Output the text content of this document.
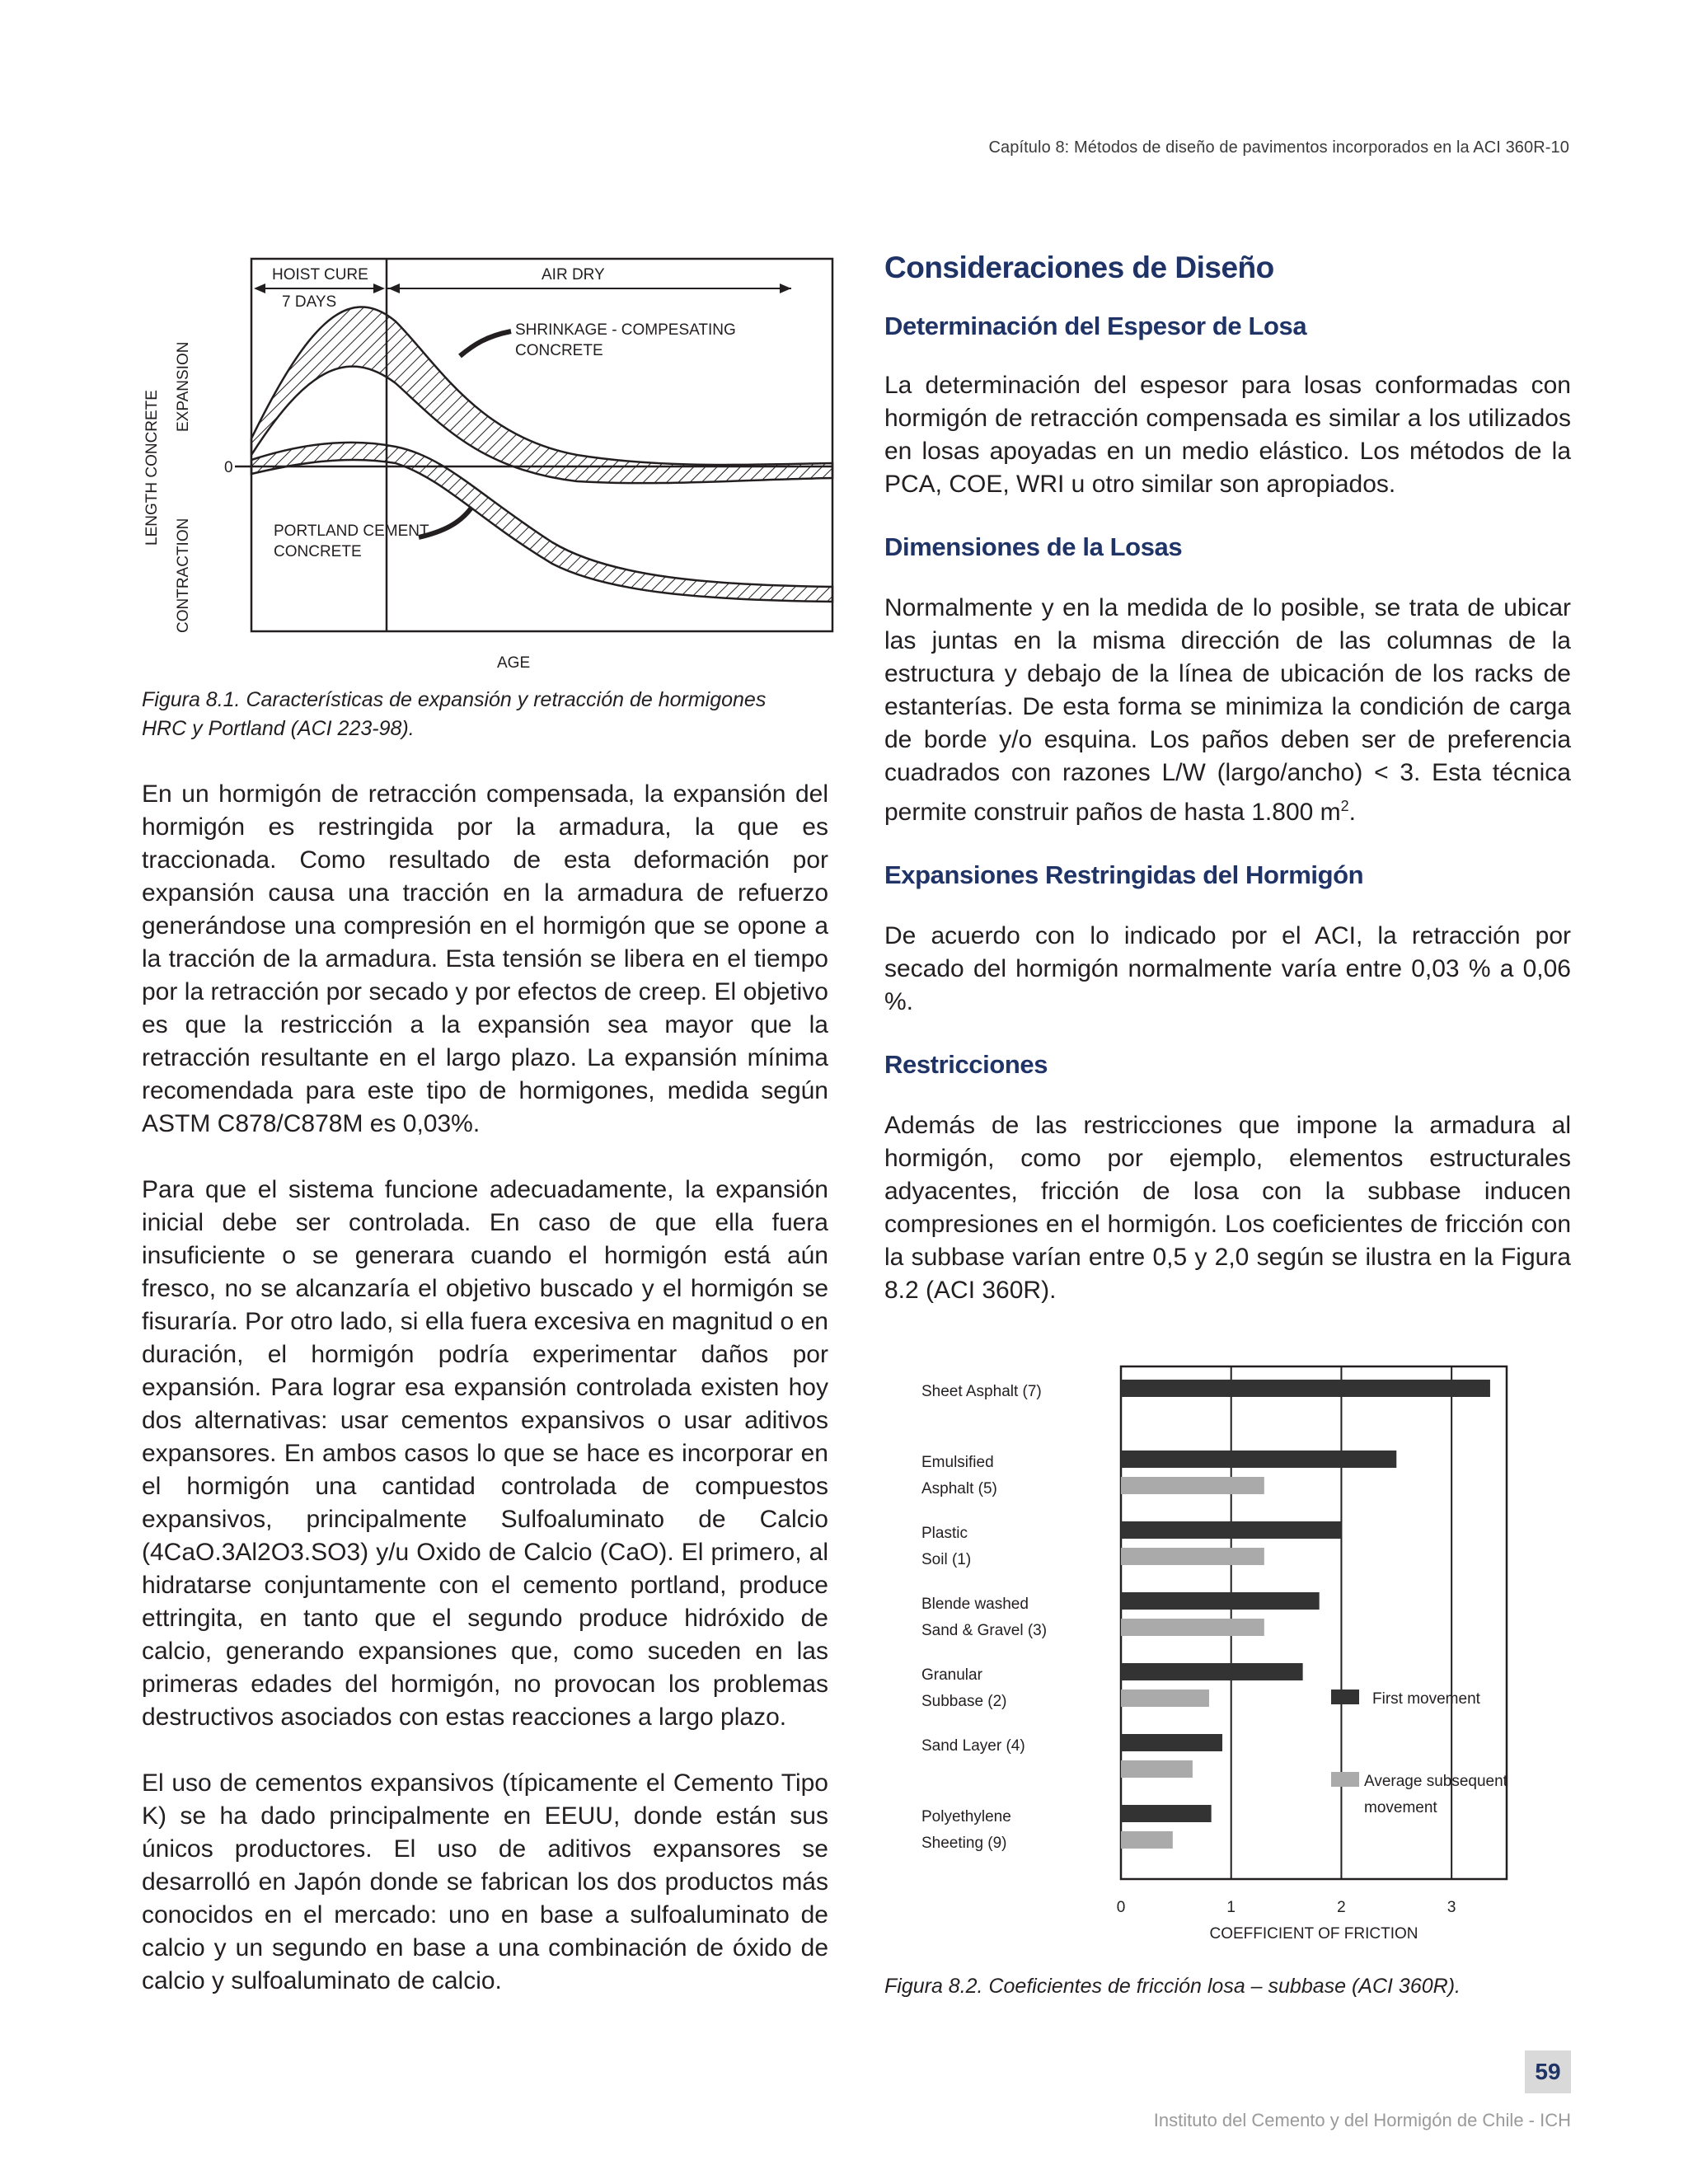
Capítulo 8: Métodos de diseño de pavimentos incorporados en la ACI 360R-10
HOIST CURE	AIR DRY
7 DAYS
0
SHRINKAGE - COMPESATING
CONCRETE
PORTLAND CEMENT
CONCRETE
LENGTH CONCRETE
EXPANSION
CONTRACTION
AGE

Figura 8.1. Características de expansión y retracción de hormigones
HRC y Portland (ACI 223-98).

En un hormigón de retracción compensada, la expansión del hormigón es restringida por la armadura, la que es traccionada. Como resultado de esta deformación por expansión causa una tracción en la armadura de refuerzo generándose una compresión en el hormigón que se opone a la tracción de la armadura. Esta tensión se libera en el tiempo por la retracción por secado y por efectos de creep. El objetivo es que la restricción a la expansión sea mayor que la retracción resultante en el largo plazo. La expansión mínima recomendada para este tipo de hormigones, medida según ASTM C878/C878M es 0,03%.

Para que el sistema funcione adecuadamente, la expansión inicial debe ser controlada. En caso de que ella fuera insuficiente o se generara cuando el hormigón está aún fresco, no se alcanzaría el objetivo buscado y el hormigón se fisuraría. Por otro lado, si ella fuera excesiva en magnitud o en duración, el hormigón podría experimentar daños por expansión. Para lograr esa expansión controlada existen hoy dos alternativas: usar cementos expansivos o usar aditivos expansores. En ambos casos lo que se hace es incorporar en el hormigón una cantidad controlada de compuestos expansivos, principalmente Sulfoaluminato de Calcio (4CaO.3Al2O3.SO3) y/u Oxido de Calcio (CaO). El primero, al hidratarse conjuntamente con el cemento portland, produce ettringita, en tanto que el segundo produce hidróxido de calcio, generando expansiones que, como suceden en las primeras edades del hormigón, no provocan los problemas destructivos asociados con estas reacciones a largo plazo.

El uso de cementos expansivos (típicamente el Cemento Tipo K) se ha dado principalmente en EEUU, donde están sus únicos productores. El uso de aditivos expansores se desarrolló en Japón donde se fabrican los dos productos más conocidos en el mercado: uno en base a sulfoaluminato de calcio y un segundo en base a una combinación de óxido de calcio y sulfoaluminato de calcio.

Consideraciones de Diseño
Determinación del Espesor de Losa

La determinación del espesor para losas conformadas con hormigón de retracción compensada es similar a los utilizados en losas apoyadas en un medio elástico. Los métodos de la PCA, COE, WRI u otro similar son apropiados.

Dimensiones de la Losas

Normalmente y en la medida de lo posible, se trata de ubicar las juntas en la misma dirección de las columnas de la estructura y debajo de la línea de ubicación de los racks de estanterías. De esta forma se minimiza la condición de carga de borde y/o esquina. Los paños deben ser de preferencia cuadrados con razones L/W (largo/ancho) < 3. Esta técnica permite construir paños de hasta 1.800 $m^2$.

Expansiones Restringidas del Hormigón

De acuerdo con lo indicado por el ACI, la retracción por secado del hormigón normalmente varía entre 0,03 % a 0,06 %.

Restricciones

Además de las restricciones que impone la armadura al hormigón, como por ejemplo, elementos estructurales adyacentes, fricción de losa con la subbase inducen compresiones en el hormigón. Los coeficientes de fricción con la subbase varían entre 0,5 y 2,0 según se ilustra en la Figura 8.2 (ACI 360R).

0	1	2	3
COEFFICIENT OF FRICTION
Sheet Asphalt (7)
Emulsified
Asphalt (5)
Plastic
Soil (1)
Blende washed
Sand & Gravel (3)
Granular
Subbase (2)
Sand Layer (4)
Polyethylene
Sheeting (9)
First movement
Average subsequent
movement

Figura 8.2. Coeficientes de fricción losa – subbase (ACI 360R).

59
Instituto del Cemento y del Hormigón de Chile - ICH
